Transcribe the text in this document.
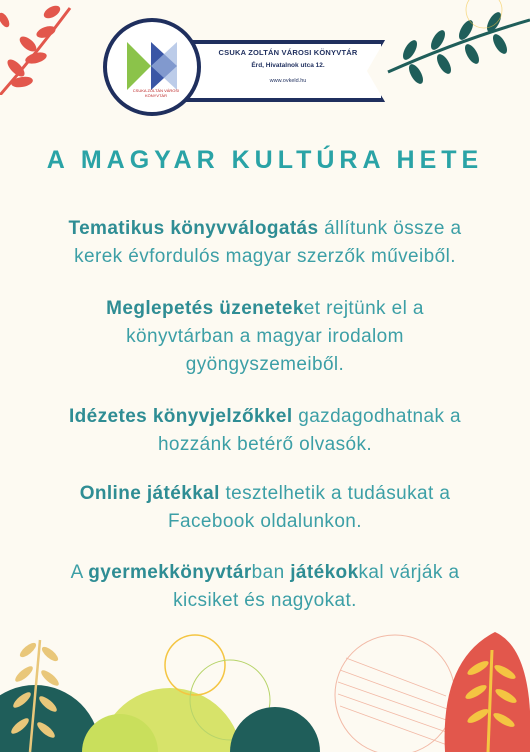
CSUKA ZOLTÁN VÁROSI KÖNYVTÁR
CSUKA ZOLTÁN VÁROSI KÖNYVTÁR
Érd, Hivatalnok utca 12.
www.ovkeld.hu
A MAGYAR KULTÚRA HETE
Tematikus könyvválogatás állítunk össze a
kerek évfordulós magyar szerzők műveiből.
Meglepetés üzeneteket rejtünk el a
könyvtárban a magyar irodalom
gyöngyszemeiből.
Idézetes könyvjelzőkkel gazdagodhatnak a
hozzánk betérő olvasók.
Online játékkal tesztelhetik a tudásukat a
Facebook oldalunkon.
A gyermekkönyvtárban játékokkal várják a
kicsiket és nagyokat.
